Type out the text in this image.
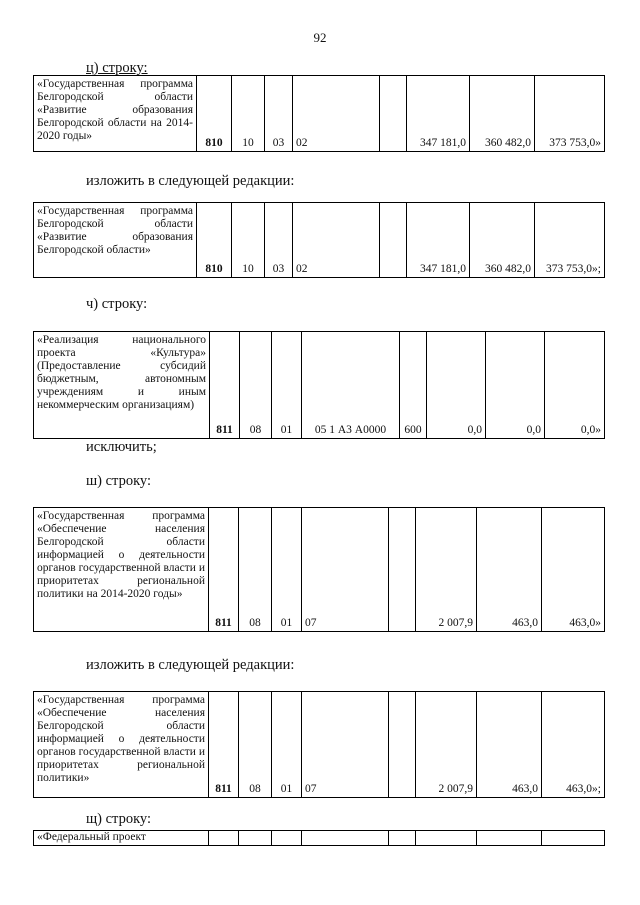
92
ц) строку:
«Государственная программа Белгородской области «Развитие образования Белгородской области на 2014-2020 годы»	810	10	03	02		347 181,0	360 482,0	373 753,0»
изложить в следующей редакции:
«Государственная программа Белгородской области «Развитие образования Белгородской области»	810	10	03	02		347 181,0	360 482,0	373 753,0»;
ч) строку:
«Реализация национального проекта «Культура» (Предоставление субсидий бюджетным, автономным учреждениям и иным некоммерческим организациям)	811	08	01	05 1 А3 А0000	600	0,0	0,0	0,0»
исключить;
ш) строку:
«Государственная программа «Обеспечение населения Белгородской области информацией о деятельности органов государственной власти и приоритетах региональной политики на 2014-2020 годы»	811	08	01	07		2 007,9	463,0	463,0»
изложить в следующей редакции:
«Государственная программа «Обеспечение населения Белгородской области информацией о деятельности органов государственной власти и приоритетах региональной политики»	811	08	01	07		2 007,9	463,0	463,0»;
щ) строку:
«Федеральный проект								
